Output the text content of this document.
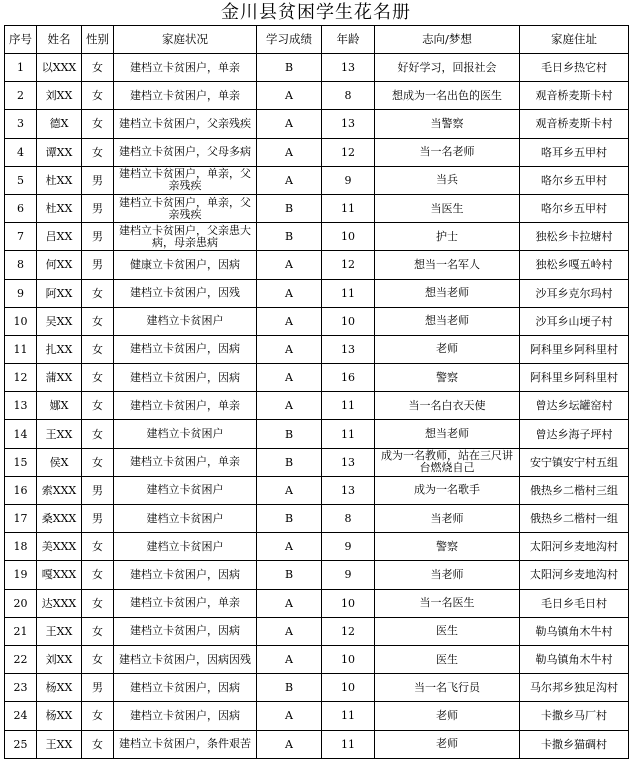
金川县贫困学生花名册
序号	姓名	性别	家庭状况	学习成绩	年龄	志向/梦想	家庭住址
1	以XXX	女	建档立卡贫困户，单亲	B	13	好好学习，回报社会	毛日乡热它村
2	刘XX	女	建档立卡贫困户，单亲	A	8	想成为一名出色的医生	观音桥麦斯卡村
3	德X	女	建档立卡贫困户，父亲残疾	A	13	当警察	观音桥麦斯卡村
4	谭XX	女	建档立卡贫困户，父母多病	A	12	当一名老师	咯耳乡五甲村
5	杜XX	男	建档立卡贫困户，单亲，父亲残疾	A	9	当兵	咯尔乡五甲村
6	杜XX	男	建档立卡贫困户，单亲，父亲残疾	B	11	当医生	咯尔乡五甲村
7	吕XX	男	建档立卡贫困户，父亲患大病，母亲患病	B	10	护士	独松乡卡拉塘村
8	何XX	男	健康立卡贫困户，因病	A	12	想当一名军人	独松乡嘎五岭村
9	阿XX	女	建档立卡贫困户，因残	A	11	想当老师	沙耳乡克尔玛村
10	吴XX	女	建档立卡贫困户	A	10	想当老师	沙耳乡山埂子村
11	扎XX	女	建档立卡贫困户，因病	A	13	老师	阿科里乡阿科里村
12	蒲XX	女	建档立卡贫困户，因病	A	16	警察	阿科里乡阿科里村
13	娜X	女	建档立卡贫困户，单亲	A	11	当一名白衣天使	曾达乡坛罐窑村
14	王XX	女	建档立卡贫困户	B	11	想当老师	曾达乡海子坪村
15	侯X	女	建档立卡贫困户，单亲	B	13	成为一名教师，站在三尺讲台燃烧自己	安宁镇安宁村五组
16	索XXX	男	建档立卡贫困户	A	13	成为一名歌手	俄热乡二楷村三组
17	桑XXX	男	建档立卡贫困户	B	8	当老师	俄热乡二楷村一组
18	美XXX	女	建档立卡贫困户	A	9	警察	太阳河乡麦地沟村
19	嘎XXX	女	建档立卡贫困户，因病	B	9	当老师	太阳河乡麦地沟村
20	达XXX	女	建档立卡贫困户，单亲	A	10	当一名医生	毛日乡毛日村
21	王XX	女	建档立卡贫困户，因病	A	12	医生	勒乌镇角木牛村
22	刘XX	女	建档立卡贫困户，因病因残	A	10	医生	勒乌镇角木牛村
23	杨XX	男	建档立卡贫困户，因病	B	10	当一名飞行员	马尔邦乡独足沟村
24	杨XX	女	建档立卡贫困户，因病	A	11	老师	卡撒乡马厂村
25	王XX	女	建档立卡贫困户，条件艰苦	A	11	老师	卡撒乡猫碉村
